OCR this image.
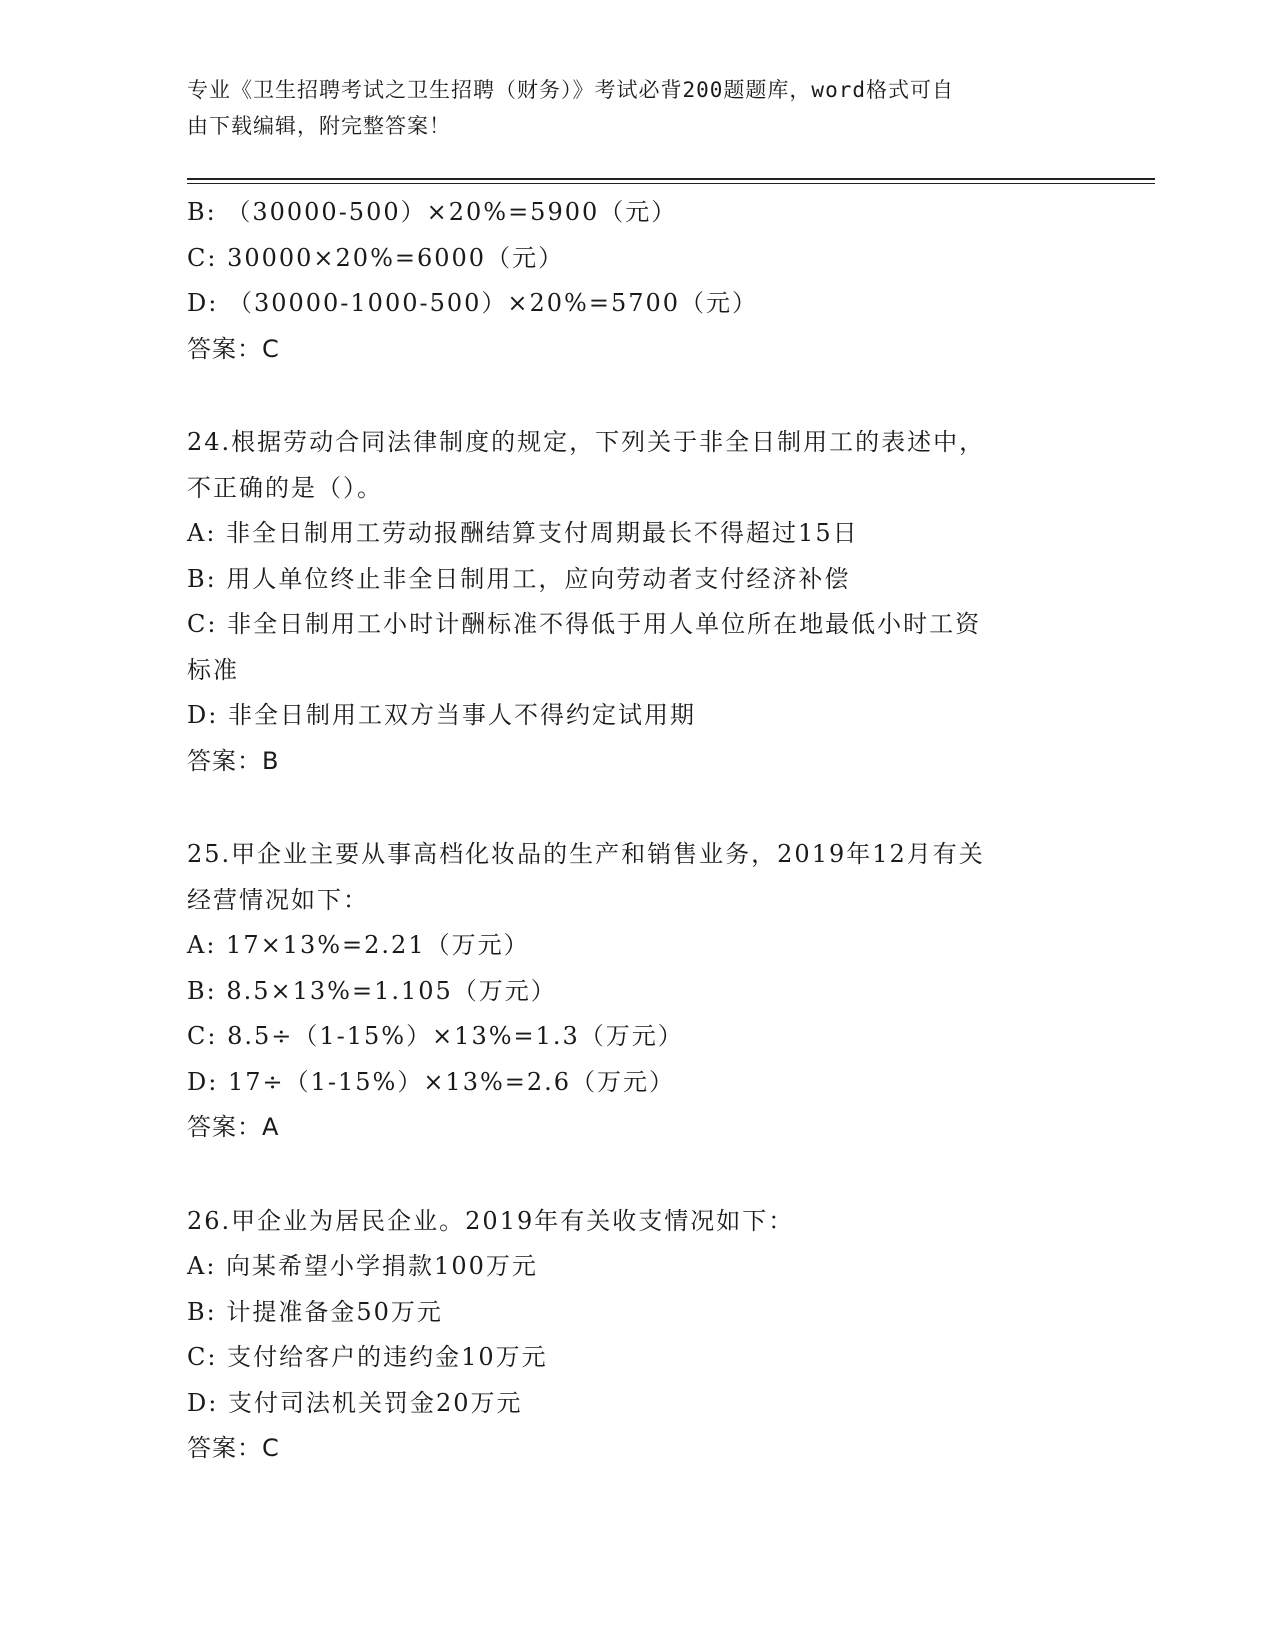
专业《卫生招聘考试之卫生招聘（财务）》考试必背200题题库，word格式可自
由下载编辑，附完整答案！
B: （30000-500）×20%=5900（元）
C: 30000×20%=6000（元）
D: （30000-1000-500）×20%=5700（元）
答案：C
24.根据劳动合同法律制度的规定，下列关于非全日制用工的表述中，
不正确的是（）。
A: 非全日制用工劳动报酬结算支付周期最长不得超过15日
B: 用人单位终止非全日制用工，应向劳动者支付经济补偿
C: 非全日制用工小时计酬标准不得低于用人单位所在地最低小时工资
标准
D: 非全日制用工双方当事人不得约定试用期
答案：B
25.甲企业主要从事高档化妆品的生产和销售业务，2019年12月有关
经营情况如下：
A: 17×13%=2.21（万元）
B: 8.5×13%=1.105（万元）
C: 8.5÷（1-15%）×13%=1.3（万元）
D: 17÷（1-15%）×13%=2.6（万元）
答案：A
26.甲企业为居民企业。2019年有关收支情况如下：
A: 向某希望小学捐款100万元
B: 计提准备金50万元
C: 支付给客户的违约金10万元
D: 支付司法机关罚金20万元
答案：C
